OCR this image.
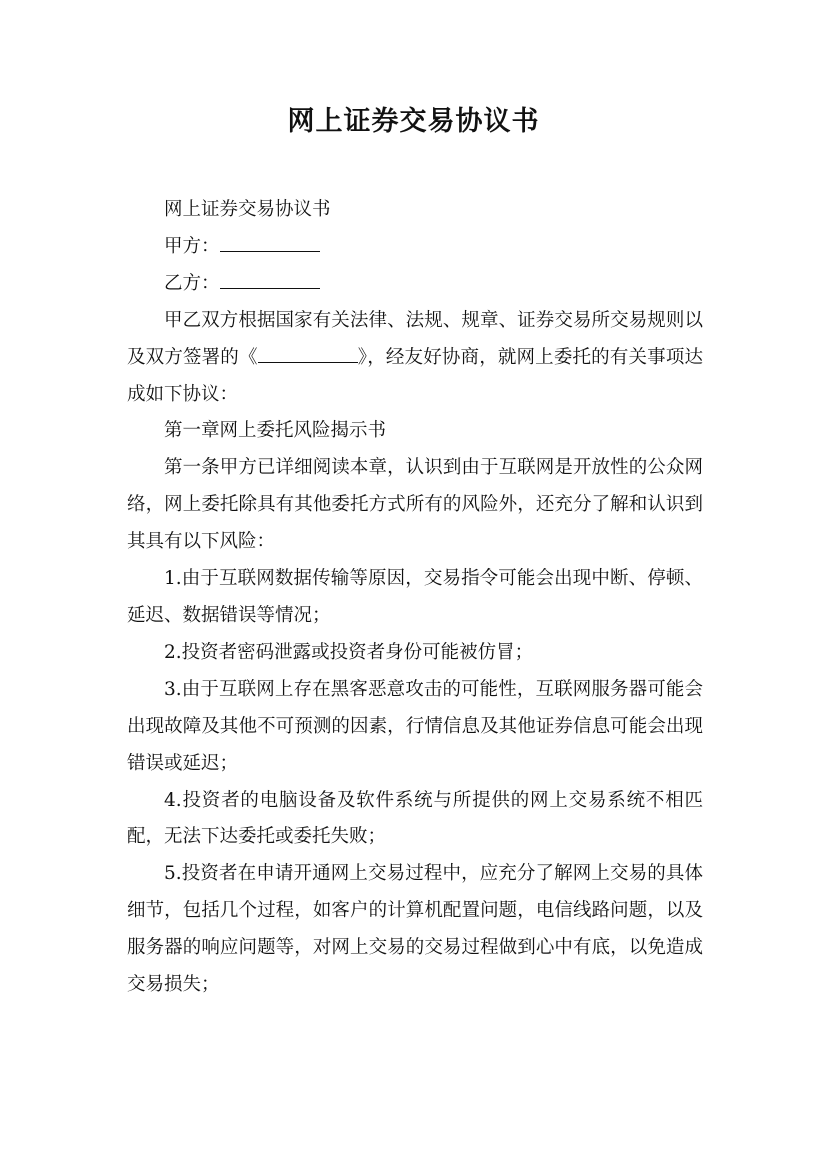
网上证券交易协议书

网上证券交易协议书

甲方：

乙方：

甲乙双方根据国家有关法律、法规、规章、证券交易所交易规则以及双方签署的《	》，经友好协商，就网上委托的有关事项达成如下协议：

第一章网上委托风险揭示书

第一条甲方已详细阅读本章，认识到由于互联网是开放性的公众网络，网上委托除具有其他委托方式所有的风险外，还充分了解和认识到其具有以下风险：

1.由于互联网数据传输等原因，交易指令可能会出现中断、停顿、延迟、数据错误等情况；

2.投资者密码泄露或投资者身份可能被仿冒；

3.由于互联网上存在黑客恶意攻击的可能性，互联网服务器可能会出现故障及其他不可预测的因素，行情信息及其他证券信息可能会出现错误或延迟；

4.投资者的电脑设备及软件系统与所提供的网上交易系统不相匹配，无法下达委托或委托失败；

5.投资者在申请开通网上交易过程中，应充分了解网上交易的具体细节，包括几个过程，如客户的计算机配置问题，电信线路问题，以及服务器的响应问题等，对网上交易的交易过程做到心中有底，以免造成交易损失；
